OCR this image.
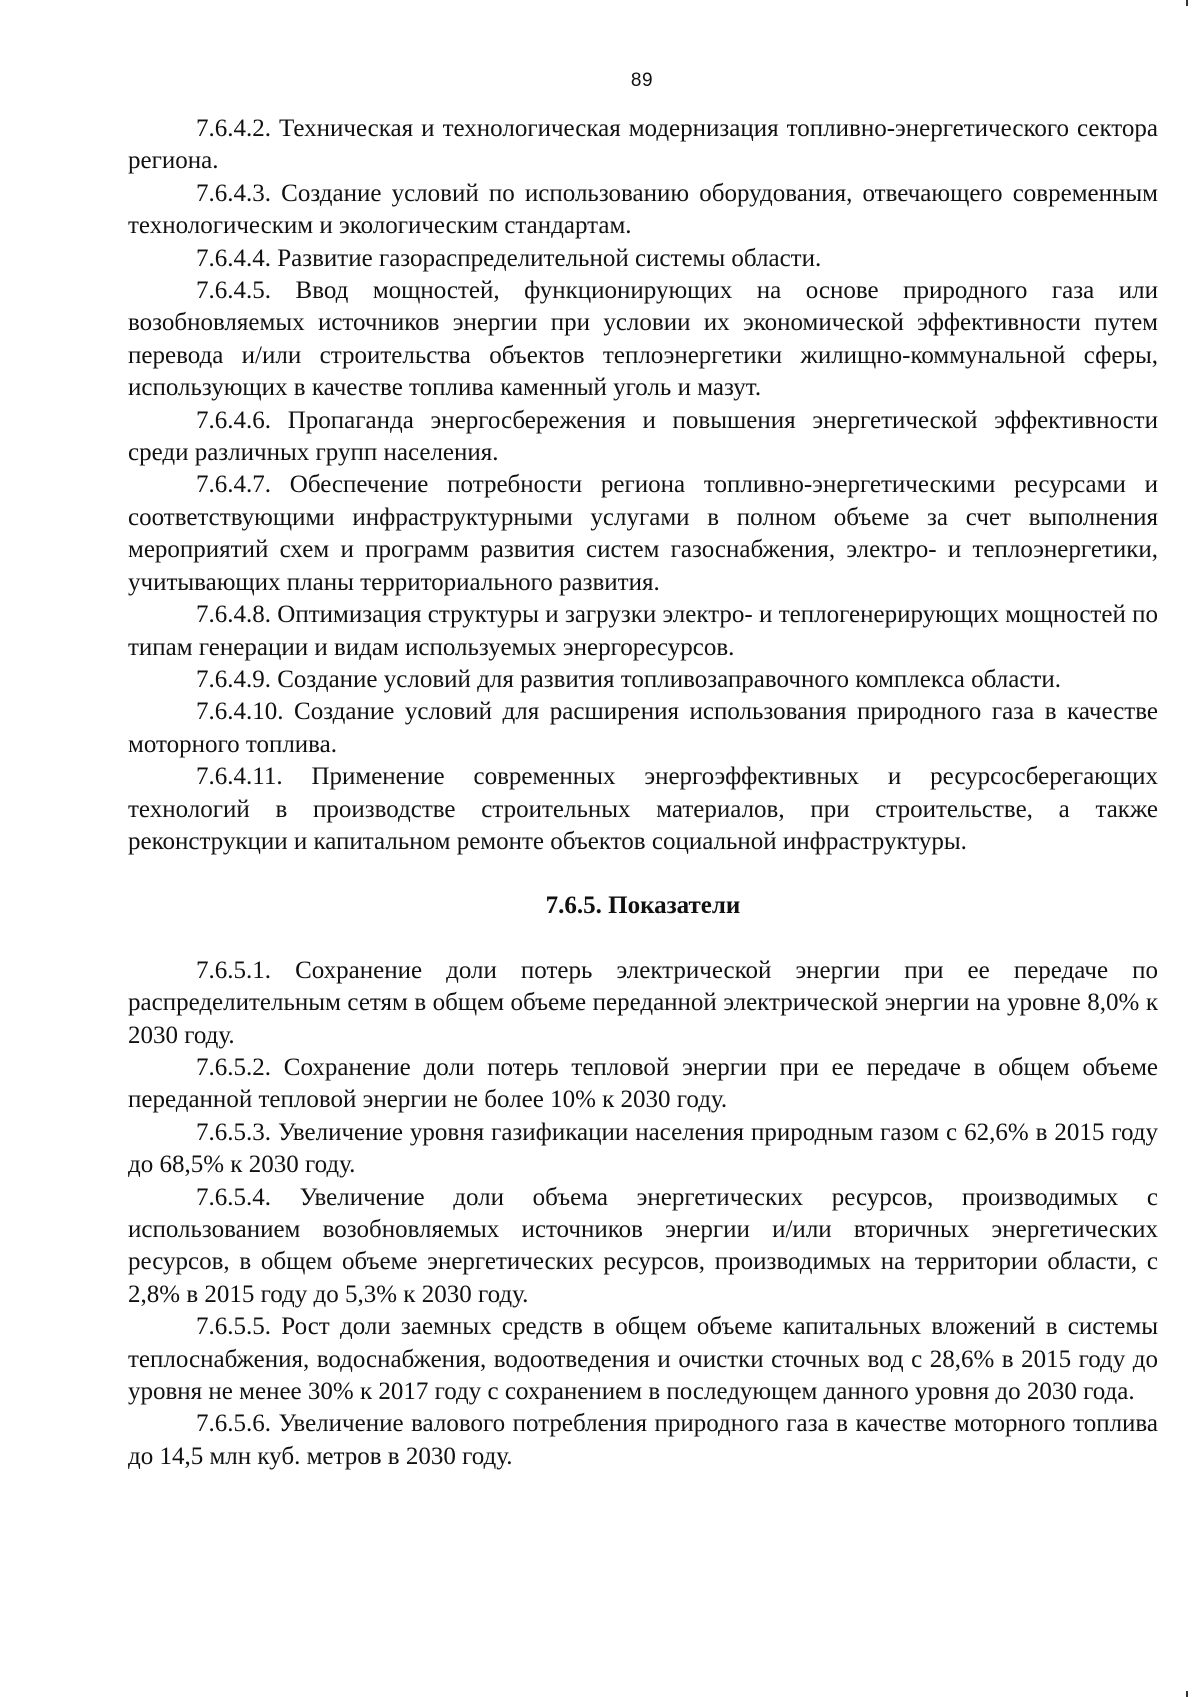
89

7.6.4.2. Техническая и технологическая модернизация топливно-энергетического сектора региона.

7.6.4.3. Создание условий по использованию оборудования, отвечающего современным технологическим и экологическим стандартам.

7.6.4.4. Развитие газораспределительной системы области.

7.6.4.5. Ввод мощностей, функционирующих на основе природного газа или возобновляемых источников энергии при условии их экономической эффективности путем перевода и/или строительства объектов теплоэнергетики жилищно-коммунальной сферы, использующих в качестве топлива каменный уголь и мазут.

7.6.4.6. Пропаганда энергосбережения и повышения энергетической эффективности среди различных групп населения.

7.6.4.7. Обеспечение потребности региона топливно-энергетическими ресурсами и соответствующими инфраструктурными услугами в полном объеме за счет выполнения мероприятий схем и программ развития систем газоснабжения, электро- и теплоэнергетики, учитывающих планы территориального развития.

7.6.4.8. Оптимизация структуры и загрузки электро- и теплогенерирующих мощностей по типам генерации и видам используемых энергоресурсов.

7.6.4.9. Создание условий для развития топливозаправочного комплекса области.

7.6.4.10. Создание условий для расширения использования природного газа в качестве моторного топлива.

7.6.4.11. Применение современных энергоэффективных и ресурсосберегающих технологий в производстве строительных материалов, при строительстве, а также реконструкции и капитальном ремонте объектов социальной инфраструктуры.

7.6.5. Показатели

7.6.5.1. Сохранение доли потерь электрической энергии при ее передаче по распределительным сетям в общем объеме переданной электрической энергии на уровне 8,0% к 2030 году.

7.6.5.2. Сохранение доли потерь тепловой энергии при ее передаче в общем объеме переданной тепловой энергии не более 10% к 2030 году.

7.6.5.3. Увеличение уровня газификации населения природным газом с 62,6% в 2015 году до 68,5% к 2030 году.

7.6.5.4. Увеличение доли объема энергетических ресурсов, производимых с использованием возобновляемых источников энергии и/или вторичных энергетических ресурсов, в общем объеме энергетических ресурсов, производимых на территории области, с 2,8% в 2015 году до 5,3% к 2030 году.

7.6.5.5. Рост доли заемных средств в общем объеме капитальных вложений в системы теплоснабжения, водоснабжения, водоотведения и очистки сточных вод с 28,6% в 2015 году до уровня не менее 30% к 2017 году с сохранением в последующем данного уровня до 2030 года.

7.6.5.6. Увеличение валового потребления природного газа в качестве моторного топлива до 14,5 млн куб. метров в 2030 году.
